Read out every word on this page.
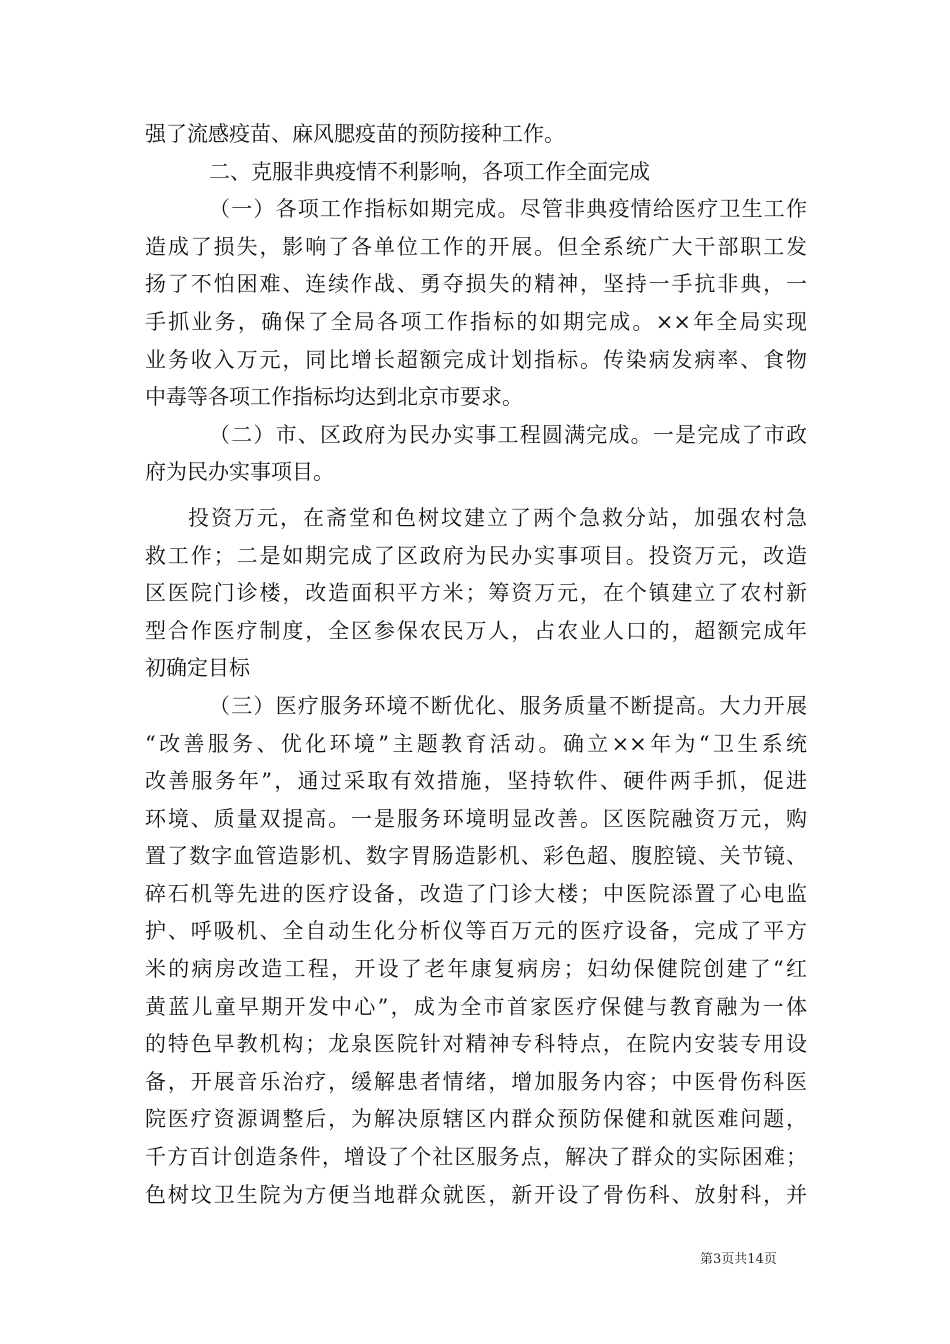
强了流感疫苗、麻风腮疫苗的预防接种工作。
二、克服非典疫情不利影响，各项工作全面完成
（一）各项工作指标如期完成。尽管非典疫情给医疗卫生工作
造成了损失，影响了各单位工作的开展。但全系统广大干部职工发
扬了不怕困难、连续作战、勇夺损失的精神，坚持一手抗非典，一
手抓业务，确保了全局各项工作指标的如期完成。××年全局实现
业务收入万元，同比增长超额完成计划指标。传染病发病率、食物
中毒等各项工作指标均达到北京市要求。
（二）市、区政府为民办实事工程圆满完成。一是完成了市政
府为民办实事项目。
投资万元，在斋堂和色树坟建立了两个急救分站，加强农村急
救工作；二是如期完成了区政府为民办实事项目。投资万元，改造
区医院门诊楼，改造面积平方米；筹资万元，在个镇建立了农村新
型合作医疗制度，全区参保农民万人，占农业人口的，超额完成年
初确定目标
（三）医疗服务环境不断优化、服务质量不断提高。大力开展
“改善服务、优化环境”主题教育活动。确立××年为“卫生系统
改善服务年”，通过采取有效措施，坚持软件、硬件两手抓，促进
环境、质量双提高。一是服务环境明显改善。区医院融资万元，购
置了数字血管造影机、数字胃肠造影机、彩色超、腹腔镜、关节镜、
碎石机等先进的医疗设备，改造了门诊大楼；中医院添置了心电监
护、呼吸机、全自动生化分析仪等百万元的医疗设备，完成了平方
米的病房改造工程，开设了老年康复病房；妇幼保健院创建了“红
黄蓝儿童早期开发中心”，成为全市首家医疗保健与教育融为一体
的特色早教机构；龙泉医院针对精神专科特点，在院内安装专用设
备，开展音乐治疗，缓解患者情绪，增加服务内容；中医骨伤科医
院医疗资源调整后，为解决原辖区内群众预防保健和就医难问题，
千方百计创造条件，增设了个社区服务点，解决了群众的实际困难；
色树坟卫生院为方便当地群众就医，新开设了骨伤科、放射科，并
第3页共14页
